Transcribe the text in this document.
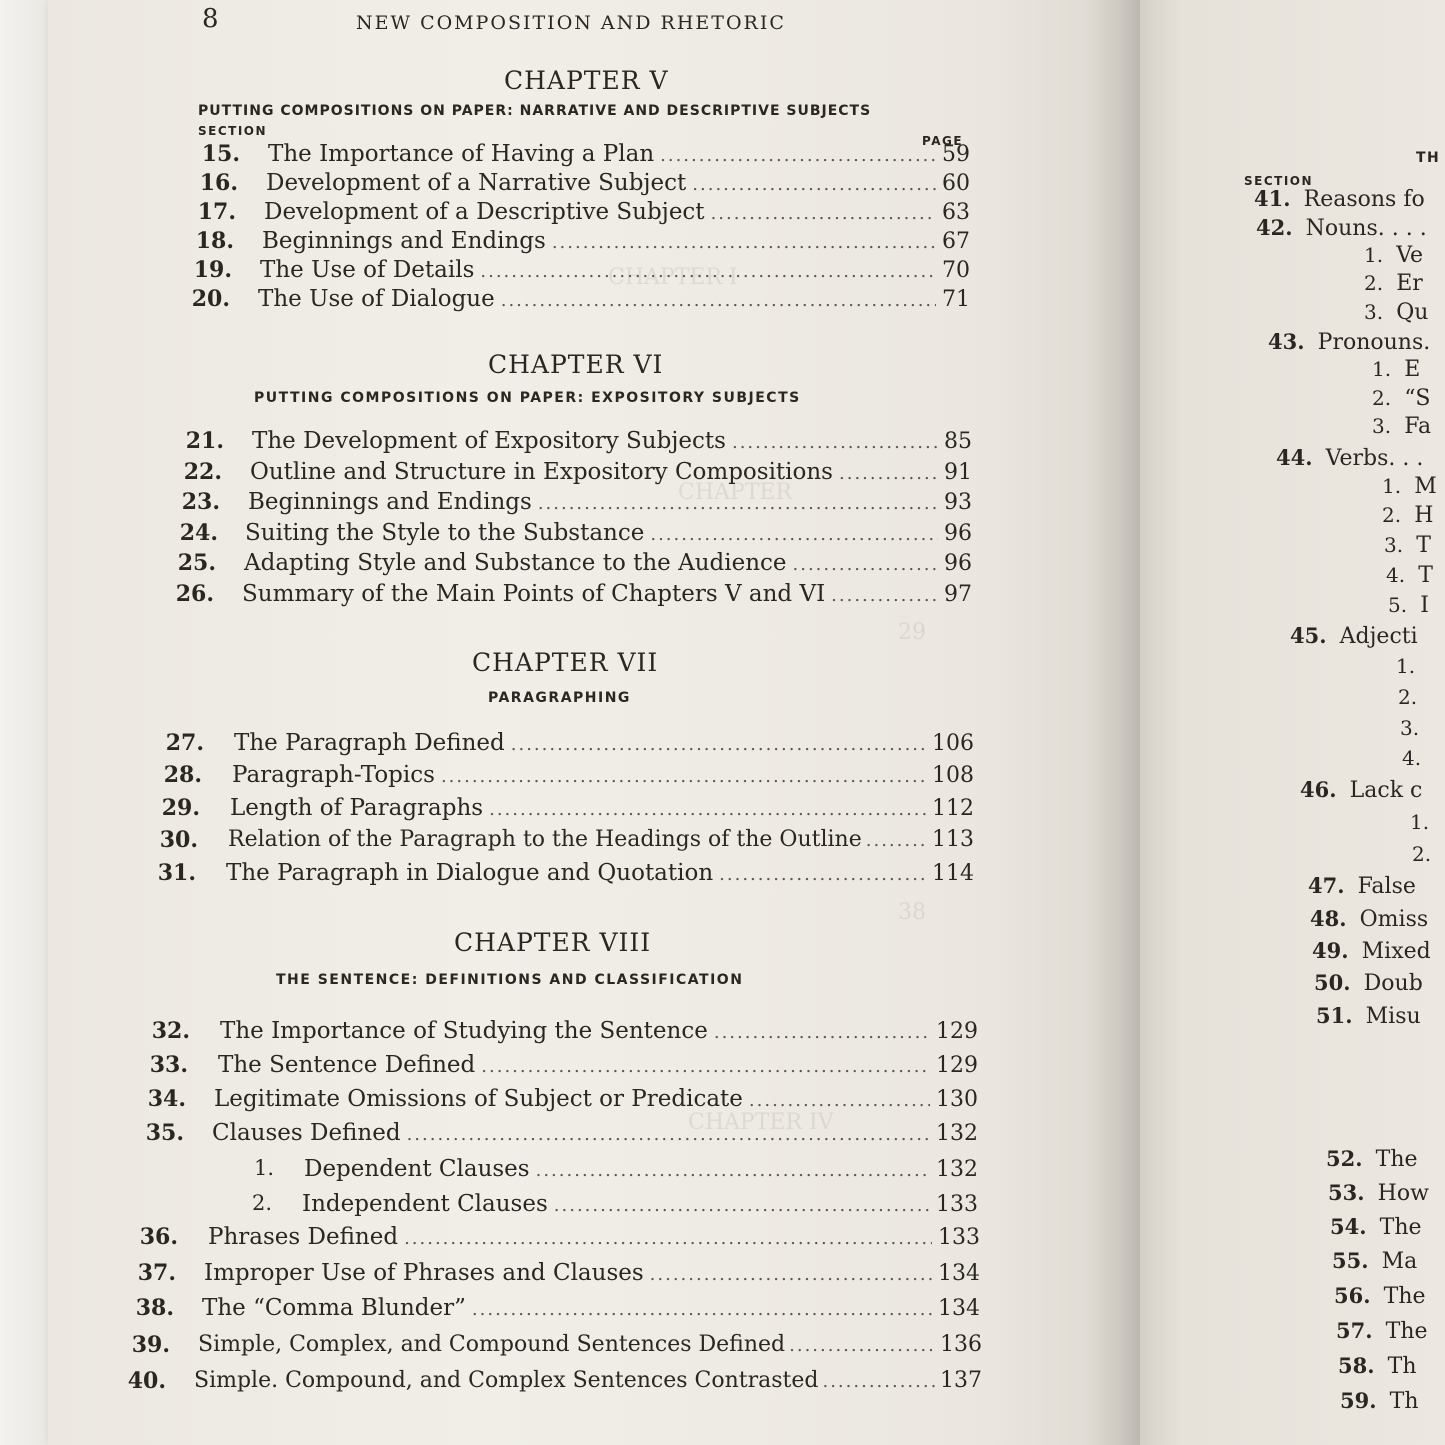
CHAPTER I
CHAPTER
CHAPTER IV
29
38
8	NEW COMPOSITION AND RHETORIC
CHAPTER V
PUTTING COMPOSITIONS ON PAPER: NARRATIVE AND DESCRIPTIVE SUBJECTS
SECTION
PAGE
15. The Importance of Having a Plan .....	59
16. Development of a Narrative Subject .....	60
17. Development of a Descriptive Subject .....	63
18. Beginnings and Endings .....	67
19. The Use of Details .....	70
20. The Use of Dialogue .....	71
CHAPTER VI
PUTTING COMPOSITIONS ON PAPER: EXPOSITORY SUBJECTS
21. The Development of Expository Subjects .....	85
22. Outline and Structure in Expository Compositions .....	91
23. Beginnings and Endings .....	93
24. Suiting the Style to the Substance .....	96
25. Adapting Style and Substance to the Audience .....	96
26. Summary of the Main Points of Chapters V and VI .....	97
CHAPTER VII
PARAGRAPHING
27. The Paragraph Defined .....	106
28. Paragraph-Topics .....	108
29. Length of Paragraphs .....	112
30. Relation of the Paragraph to the Headings of the Outline .....	113
31. The Paragraph in Dialogue and Quotation .....	114
CHAPTER VIII
THE SENTENCE: DEFINITIONS AND CLASSIFICATION
32. The Importance of Studying the Sentence .....	129
33. The Sentence Defined .....	129
34. Legitimate Omissions of Subject or Predicate .....	130
35. Clauses Defined .....	132
1. Dependent Clauses .....	132
2. Independent Clauses .....	133
36. Phrases Defined .....	133
37. Improper Use of Phrases and Clauses .....	134
38. The “Comma Blunder” .....	134
39. Simple, Complex, and Compound Sentences Defined .....	136
40. Simple. Compound, and Complex Sentences Contrasted .....	137
TH
SECTION
41. Reasons fo
42. Nouns. . . .
1. Ve
2. Er
3. Qu
43. Pronouns.
1. E
2. “S
3. Fa
44. Verbs. . .
1. M
2. H
3. T
4. T
5. I
45. Adjecti
1.
2.
3.
4.
46. Lack c
1.
2.
47. False
48. Omiss
49. Mixed
50. Doub
51. Misu
52. The
53. How
54. The
55. Ma
56. The
57. The
58. Th
59. Th
